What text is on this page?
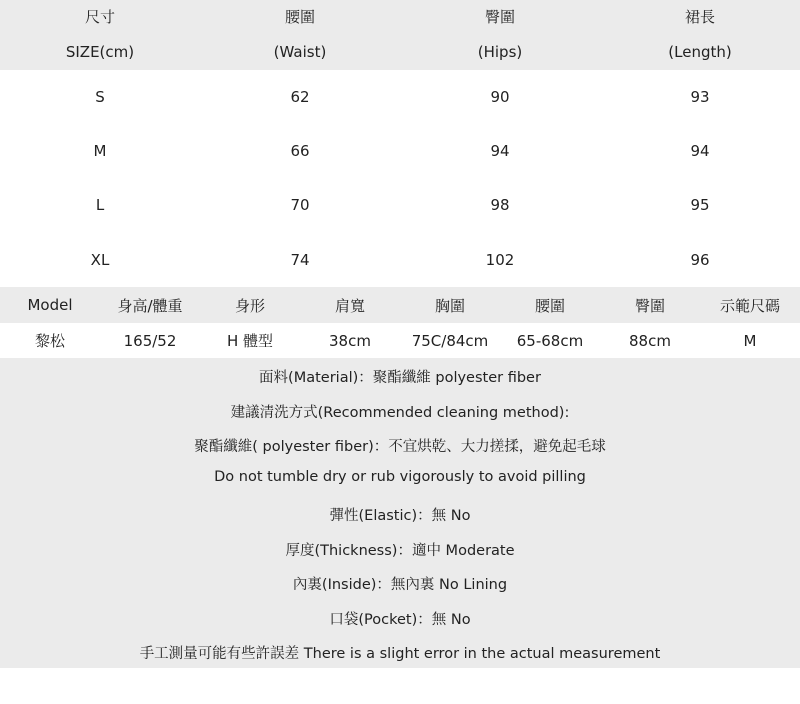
尺寸	腰圍	臀圍	裙長
SIZE(cm)	(Waist)	(Hips)	(Length)
S	62	90	93
M	66	94	94
L	70	98	95
XL	74	102	96
Model	身高/體重	身形	肩寬	胸圍	腰圍	臀圍	示範尺碼
黎松	165/52	H 體型	38cm	75C/84cm	65-68cm	88cm	M
面料(Material)：聚酯纖維 polyester fiber
建議清洗方式(Recommended cleaning method):
聚酯纖維( polyester fiber)：不宜烘乾、大力搓揉，避免起毛球
Do not tumble dry or rub vigorously to avoid pilling
彈性(Elastic)：無 No
厚度(Thickness)：適中 Moderate
內裏(Inside)：無內裏 No Lining
口袋(Pocket)：無 No
手工測量可能有些許誤差 There is a slight error in the actual measurement
